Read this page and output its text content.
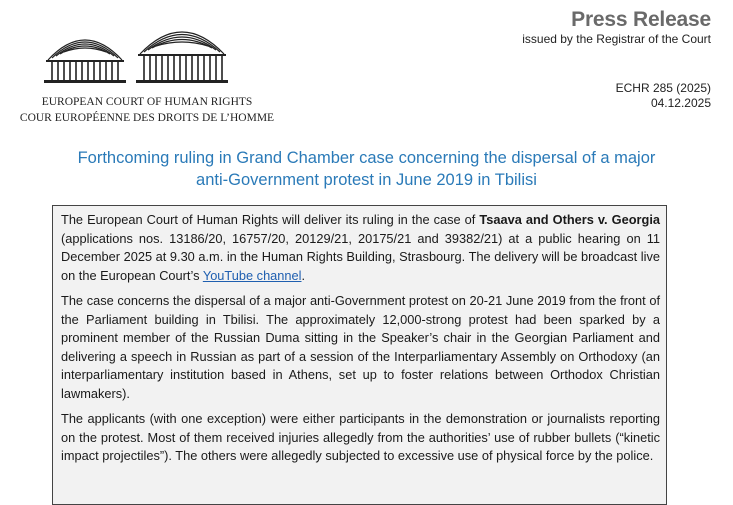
EUROPEAN COURT OF HUMAN RIGHTS
COUR EUROPÉENNE DES DROITS DE L’HOMME
Press Release
issued by the Registrar of the Court
ECHR 285 (2025)
04.12.2025
Forthcoming ruling in Grand Chamber case concerning the dispersal of a major
anti-Government protest in June 2019 in Tbilisi

The European Court of Human Rights will deliver its ruling in the case of Tsaava and Others v. Georgia (applications nos. 13186/20, 16757/20, 20129/21, 20175/21 and 39382/21) at a public hearing on 11 December 2025 at 9.30 a.m. in the Human Rights Building, Strasbourg. The delivery will be broadcast live on the European Court’s YouTube channel.

The case concerns the dispersal of a major anti-Government protest on 20-21 June 2019 from the front of the Parliament building in Tbilisi. The approximately 12,000-strong protest had been sparked by a prominent member of the Russian Duma sitting in the Speaker’s chair in the Georgian Parliament and delivering a speech in Russian as part of a session of the Interparliamentary Assembly on Orthodoxy (an interparliamentary institution based in Athens, set up to foster relations between Orthodox Christian lawmakers).

The applicants (with one exception) were either participants in the demonstration or journalists reporting on the protest. Most of them received injuries allegedly from the authorities’ use of rubber bullets (“kinetic impact projectiles”). The others were allegedly subjected to excessive use of physical force by the police.
